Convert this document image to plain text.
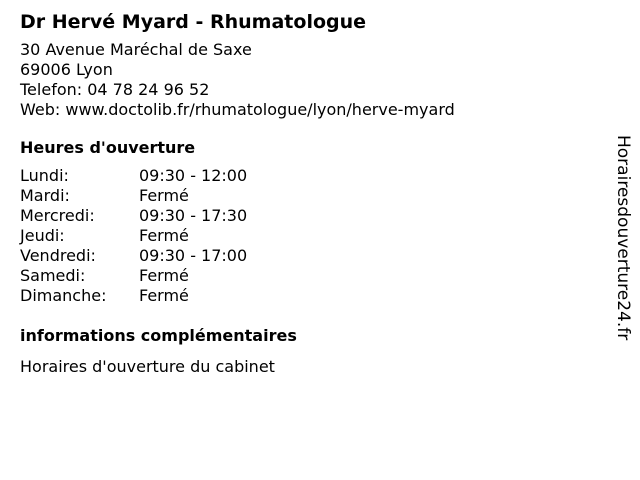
Dr Hervé Myard - Rhumatologue
30 Avenue Maréchal de Saxe
69006 Lyon
Telefon: 04 78 24 96 52
Web: www.doctolib.fr/rhumatologue/lyon/herve-myard
Heures d'ouverture
Lundi:	09:30 - 12:00
Mardi:	Fermé
Mercredi:	09:30 - 17:30
Jeudi:	Fermé
Vendredi:	09:30 - 17:00
Samedi:	Fermé
Dimanche:	Fermé
informations complémentaires
Horaires d'ouverture du cabinet
Horairesdouverture24.fr
